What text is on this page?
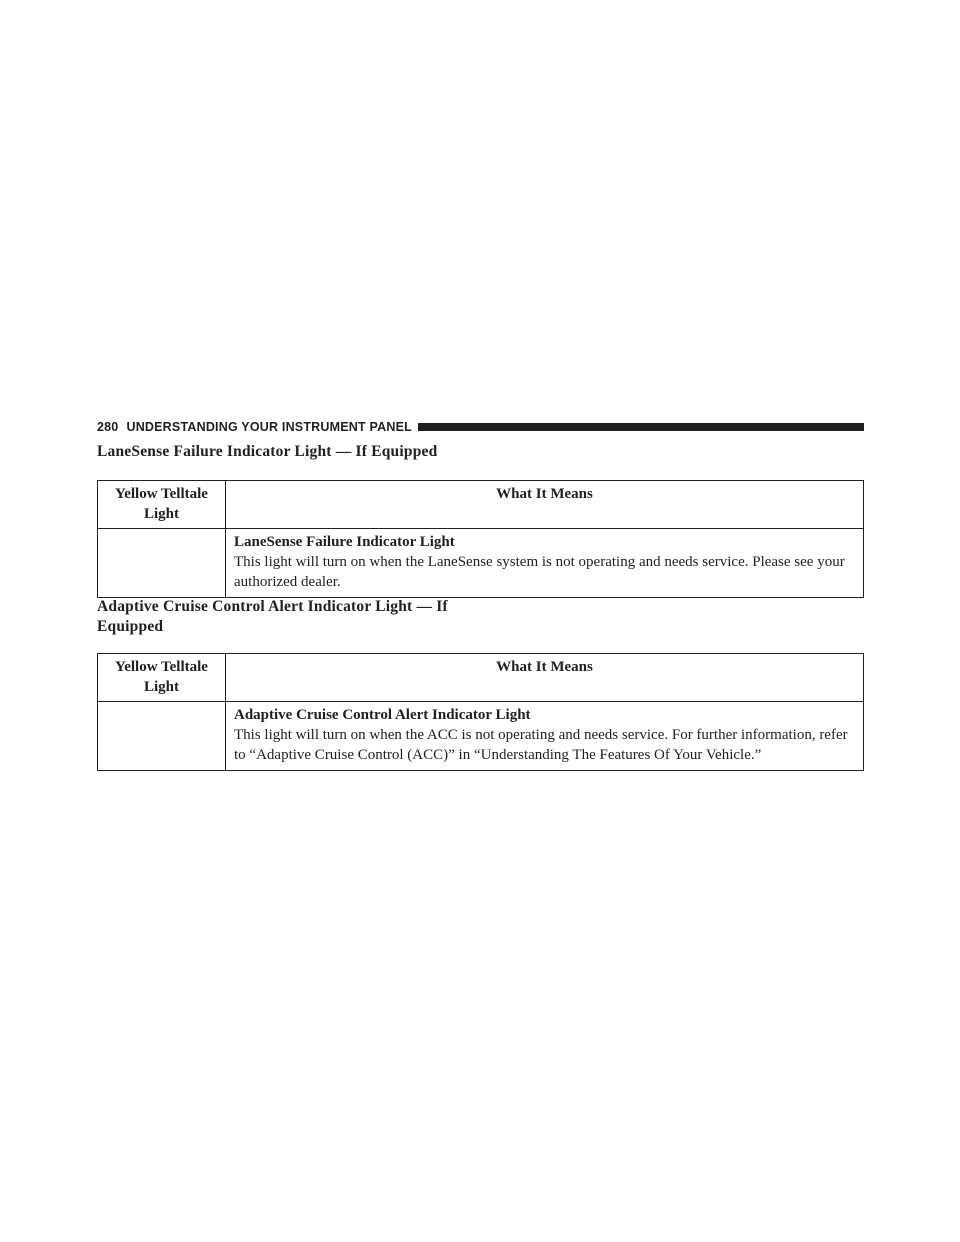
280 UNDERSTANDING YOUR INSTRUMENT PANEL
LaneSense Failure Indicator Light — If Equipped
Yellow Telltale Light	What It Means

	LaneSense Failure Indicator Light
This light will turn on when the LaneSense system is not operating and needs service. Please see your authorized dealer.
Adaptive Cruise Control Alert Indicator Light — If Equipped
Yellow Telltale Light	What It Means

	Adaptive Cruise Control Alert Indicator Light
This light will turn on when the ACC is not operating and needs service. For further information, refer to “Adaptive Cruise Control (ACC)” in “Understanding The Features Of Your Vehicle.”
